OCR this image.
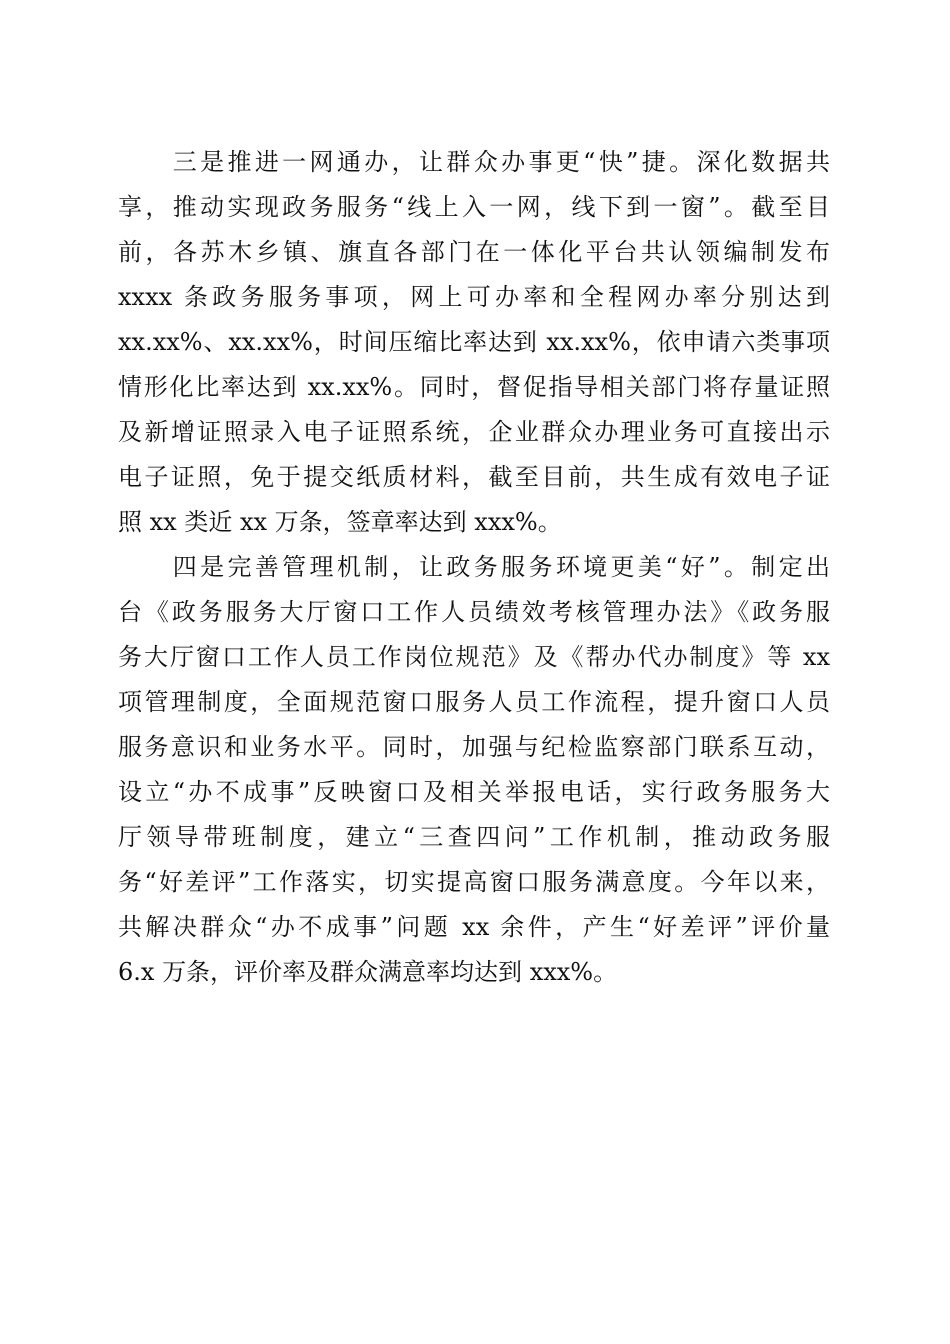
　　三是推进一网通办，让群众办事更“快”捷。深化数据共
享，推动实现政务服务“线上入一网，线下到一窗”。截至目
前，各苏木乡镇、旗直各部门在一体化平台共认领编制发布
xxxx 条政务服务事项，网上可办率和全程网办率分别达到
xx.xx%、xx.xx%，时间压缩比率达到 xx.xx%，依申请六类事项
情形化比率达到 xx.xx%。同时，督促指导相关部门将存量证照
及新增证照录入电子证照系统，企业群众办理业务可直接出示
电子证照，免于提交纸质材料，截至目前，共生成有效电子证
照 xx 类近 xx 万条，签章率达到 xxx%。
　　四是完善管理机制，让政务服务环境更美“好”。制定出
台《政务服务大厅窗口工作人员绩效考核管理办法》《政务服
务大厅窗口工作人员工作岗位规范》及《帮办代办制度》等 xx
项管理制度，全面规范窗口服务人员工作流程，提升窗口人员
服务意识和业务水平。同时，加强与纪检监察部门联系互动，
设立“办不成事”反映窗口及相关举报电话，实行政务服务大
厅领导带班制度，建立“三查四问”工作机制，推动政务服
务“好差评”工作落实，切实提高窗口服务满意度。今年以来，
共解决群众“办不成事”问题 xx 余件，产生“好差评”评价量
6.x 万条，评价率及群众满意率均达到 xxx%。
